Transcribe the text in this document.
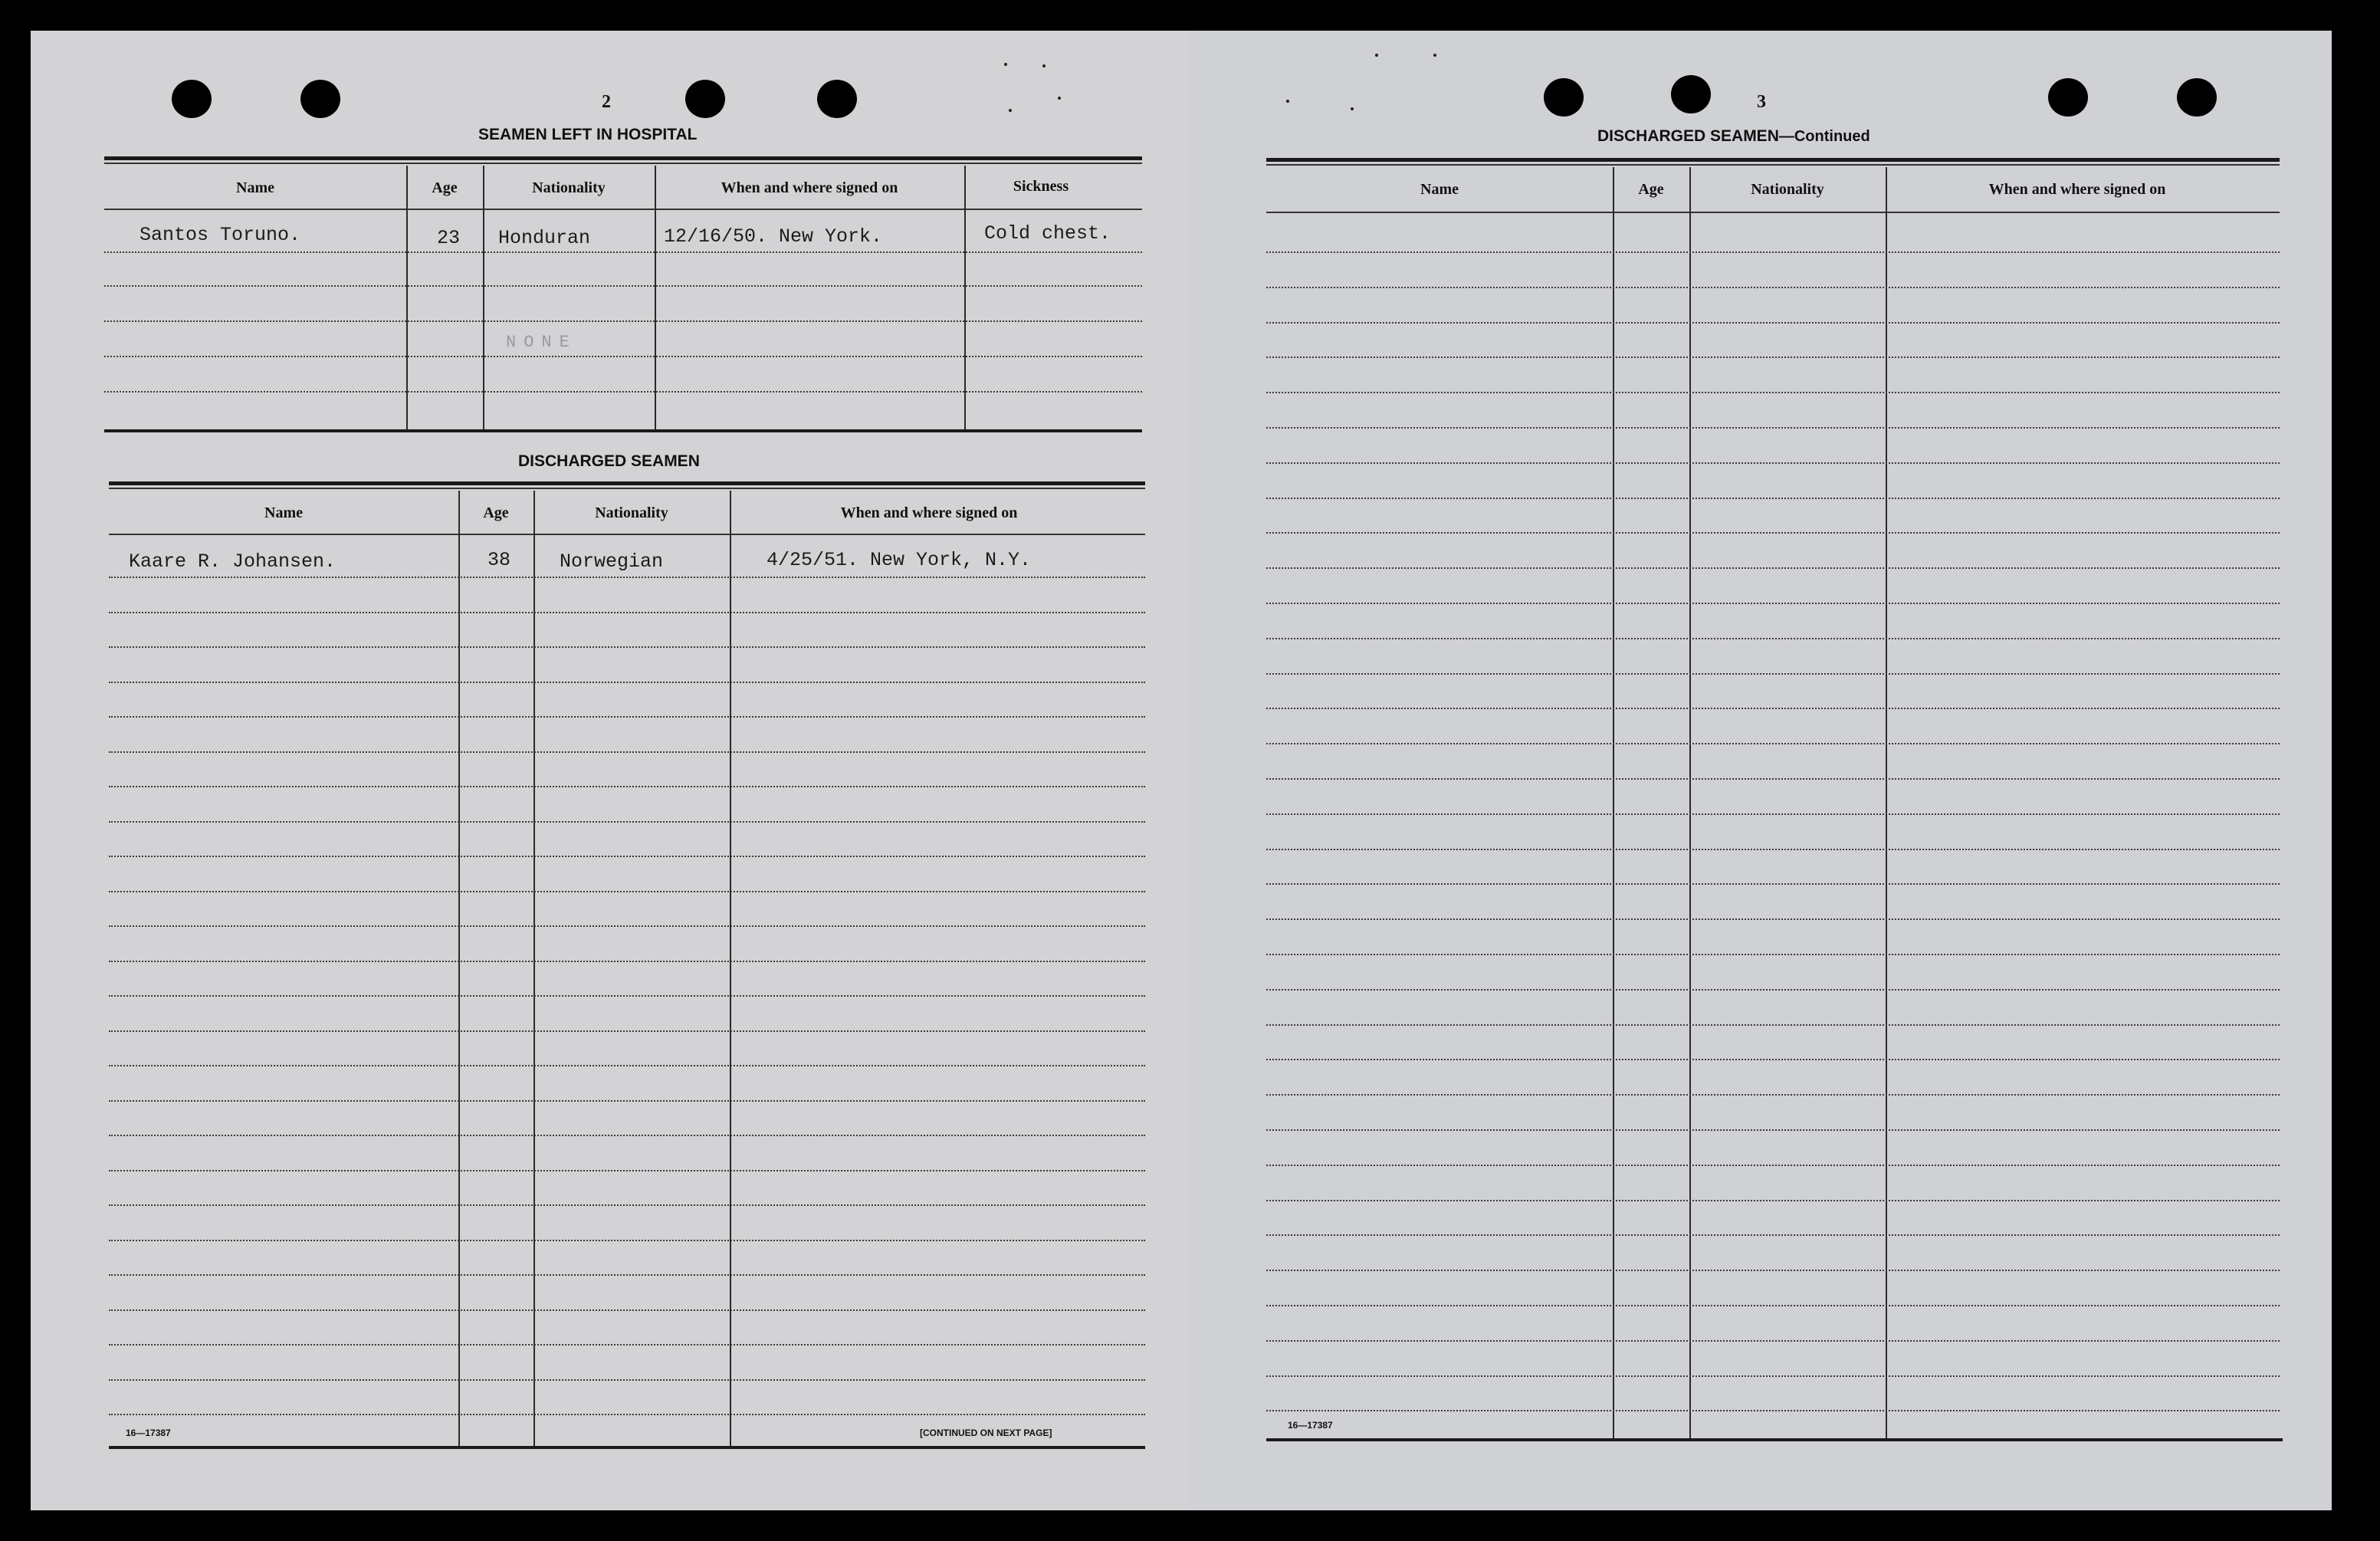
2
SEAMEN LEFT IN HOSPITAL
Name	Age	Nationality	When and where signed on	Sickness
Santos Toruno.	23 Honduran	12/16/50. New York.	Cold chest.
NONE
DISCHARGED SEAMEN
Name	Age	Nationality	When and where signed on
Kaare R. Johansen.	38	Norwegian	4/25/51. New York, N.Y.
16—17387	[CONTINUED ON NEXT PAGE]
3
DISCHARGED SEAMEN—Continued
Name	Age	Nationality	When and where signed on
16—17387
